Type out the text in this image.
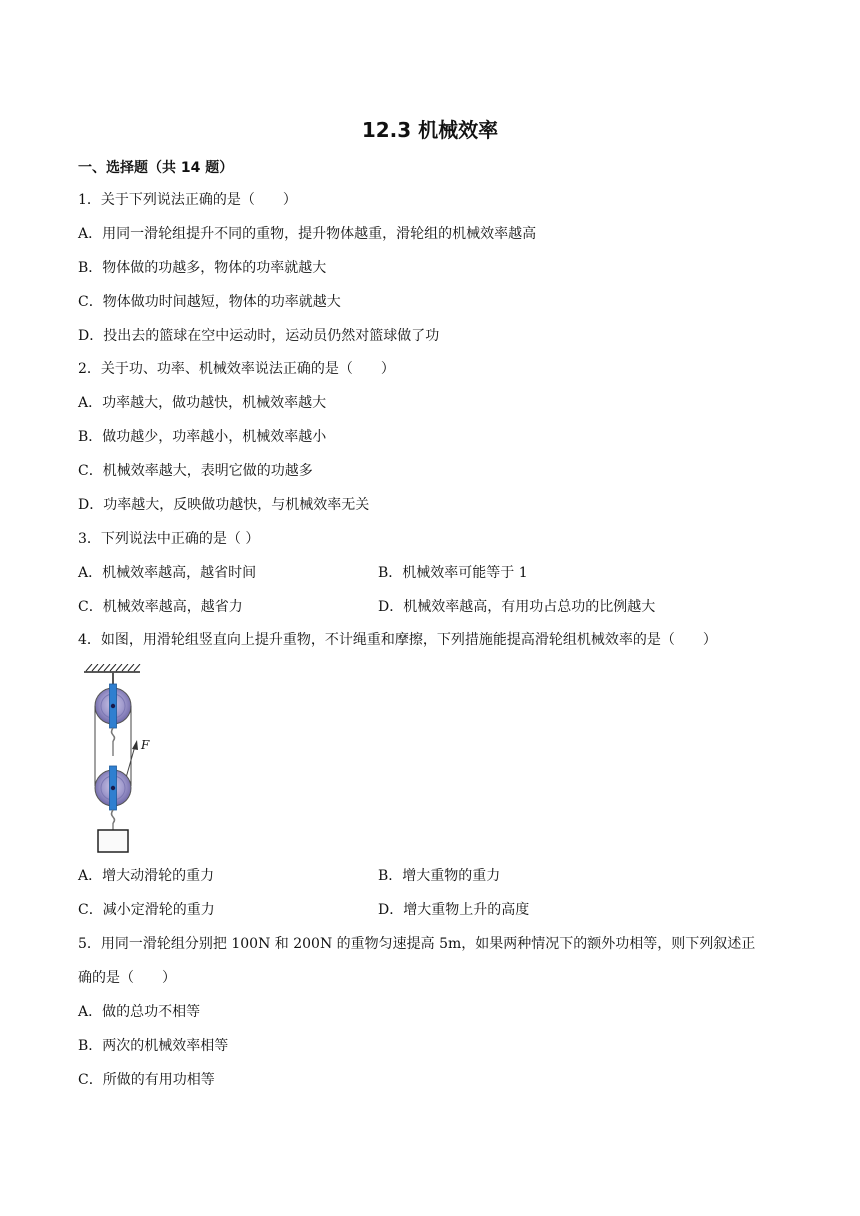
12.3 机械效率
一、选择题（共 14 题）
1．关于下列说法正确的是（　　）
A．用同一滑轮组提升不同的重物，提升物体越重，滑轮组的机械效率越高
B．物体做的功越多，物体的功率就越大
C．物体做功时间越短，物体的功率就越大
D．投出去的篮球在空中运动时，运动员仍然对篮球做了功
2．关于功、功率、机械效率说法正确的是（　　）
A．功率越大，做功越快，机械效率越大
B．做功越少，功率越小，机械效率越小
C．机械效率越大，表明它做的功越多
D．功率越大，反映做功越快，与机械效率无关
3．下列说法中正确的是（ ）
A．机械效率越高，越省时间	B．机械效率可能等于 1
C．机械效率越高，越省力	D．机械效率越高，有用功占总功的比例越大
4．如图，用滑轮组竖直向上提升重物，不计绳重和摩擦，下列措施能提高滑轮组机械效率的是（　　）
F
A．增大动滑轮的重力	B．增大重物的重力
C．减小定滑轮的重力	D．增大重物上升的高度
5．用同一滑轮组分别把 100N 和 200N 的重物匀速提高 5m，如果两种情况下的额外功相等，则下列叙述正
确的是（　　）
A．做的总功不相等
B．两次的机械效率相等
C．所做的有用功相等
